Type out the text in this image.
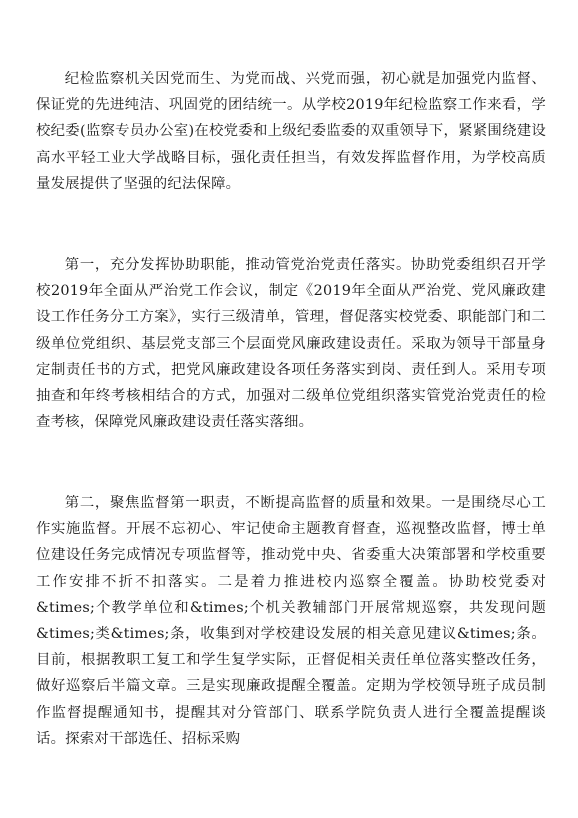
纪检监察机关因党而生、为党而战、兴党而强，初心就是加强党内监督、保证党的先进纯洁、巩固党的团结统一。从学校2019年纪检监察工作来看，学校纪委(监察专员办公室)在校党委和上级纪委监委的双重领导下，紧紧围绕建设高水平轻工业大学战略目标，强化责任担当，有效发挥监督作用，为学校高质量发展提供了坚强的纪法保障。

第一，充分发挥协助职能，推动管党治党责任落实。协助党委组织召开学校2019年全面从严治党工作会议，制定《2019年全面从严治党、党风廉政建设工作任务分工方案》，实行三级清单，管理，督促落实校党委、职能部门和二级单位党组织、基层党支部三个层面党风廉政建设责任。采取为领导干部量身定制责任书的方式，把党风廉政建设各项任务落实到岗、责任到人。采用专项抽查和年终考核相结合的方式，加强对二级单位党组织落实管党治党责任的检查考核，保障党风廉政建设责任落实落细。

第二，聚焦监督第一职责，不断提高监督的质量和效果。一是围绕尽心工作实施监督。开展不忘初心、牢记使命主题教育督查，巡视整改监督，博士单位建设任务完成情况专项监督等，推动党中央、省委重大决策部署和学校重要工作安排不折不扣落实。二是着力推进校内巡察全覆盖。协助校党委对&times;个教学单位和&times;个机关教辅部门开展常规巡察，共发现问题&times;类&times;条，收集到对学校建设发展的相关意见建议&times;条。目前，根据教职工复工和学生复学实际，正督促相关责任单位落实整改任务，做好巡察后半篇文章。三是实现廉政提醒全覆盖。定期为学校领导班子成员制作监督提醒通知书，提醒其对分管部门、联系学院负责人进行全覆盖提醒谈话。探索对干部选任、招标采购
